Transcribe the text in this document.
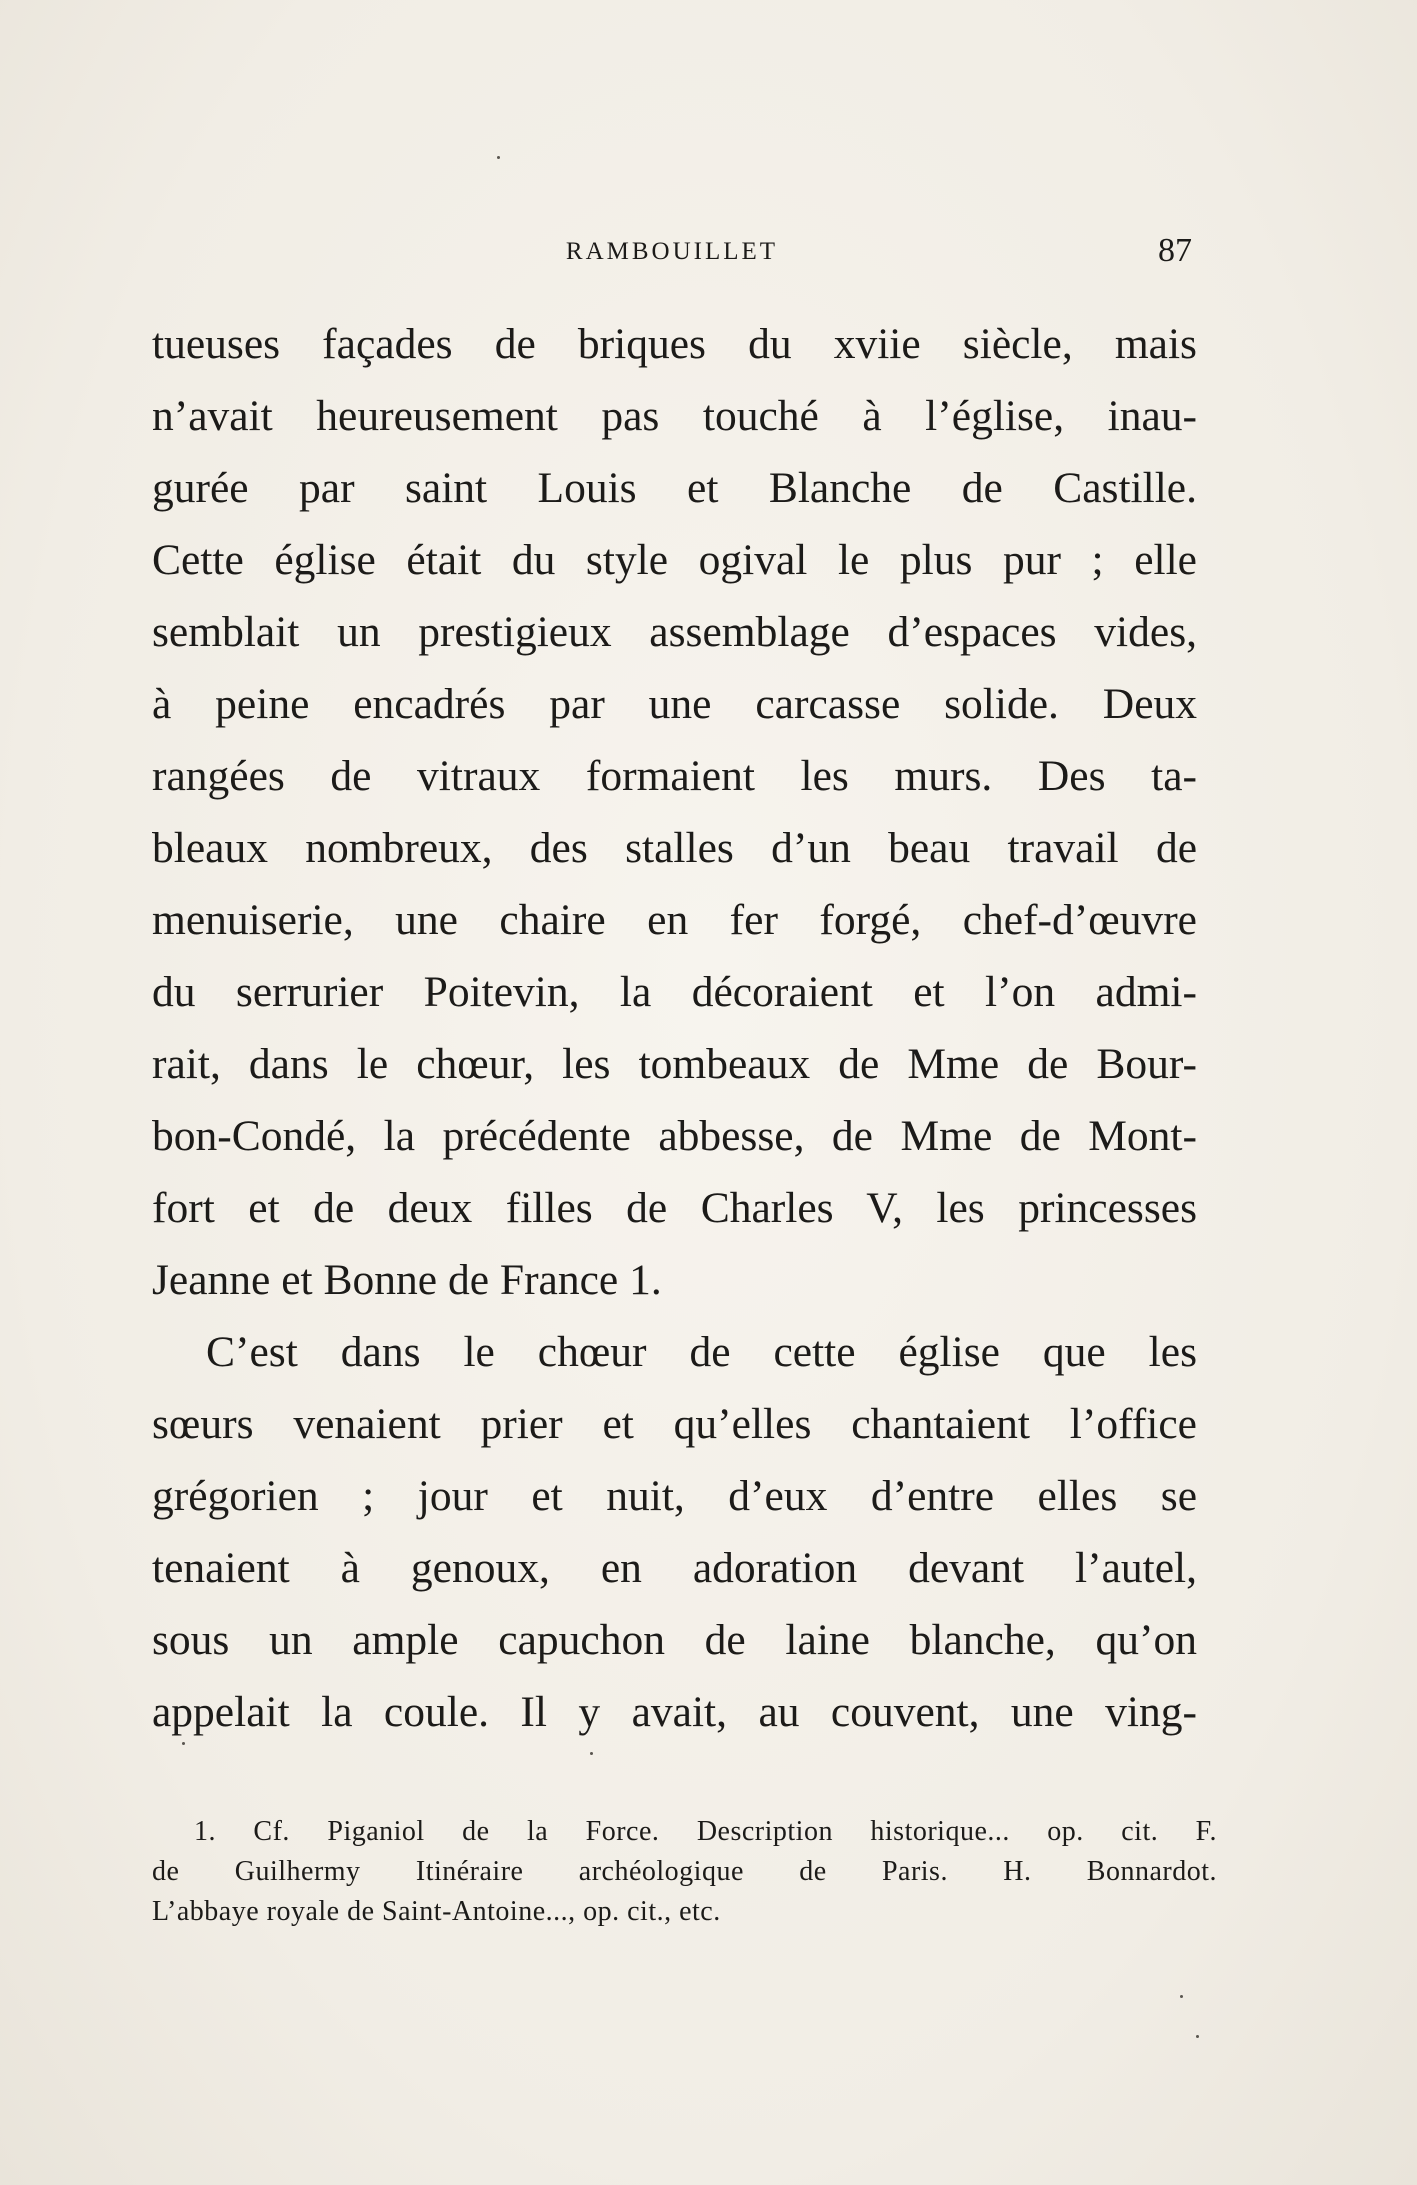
RAMBOUILLET	87
tueuses façades de briques du xviie siècle, mais
n’avait heureusement pas touché à l’église, inau-
gurée par saint Louis et Blanche de Castille.
Cette église était du style ogival le plus pur ; elle
semblait un prestigieux assemblage d’espaces vides,
à peine encadrés par une carcasse solide. Deux
rangées de vitraux formaient les murs. Des ta-
bleaux nombreux, des stalles d’un beau travail de
menuiserie, une chaire en fer forgé, chef-d’œuvre
du serrurier Poitevin, la décoraient et l’on admi-
rait, dans le chœur, les tombeaux de Mme de Bour-
bon-Condé, la précédente abbesse, de Mme de Mont-
fort et de deux filles de Charles V, les princesses
Jeanne et Bonne de France 1.
C’est dans le chœur de cette église que les
sœurs venaient prier et qu’elles chantaient l’office
grégorien ; jour et nuit, d’eux d’entre elles se
tenaient à genoux, en adoration devant l’autel,
sous un ample capuchon de laine blanche, qu’on
appelait la coule. Il y avait, au couvent, une ving-
1. Cf. Piganiol de la Force. Description historique... op. cit. F.
de Guilhermy Itinéraire archéologique de Paris. H. Bonnardot.
L’abbaye royale de Saint-Antoine..., op. cit., etc.
